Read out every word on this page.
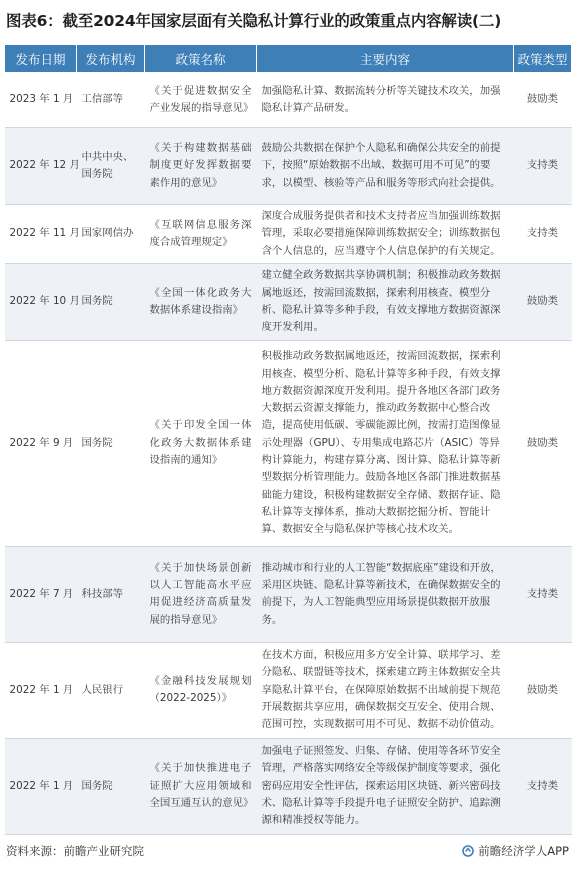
图表6：截至2024年国家层面有关隐私计算行业的政策重点内容解读(二)
发布日期	发布机构	政策名称	主要内容	政策类型
2023 年 1 月	工信部等	《关于促进数据安全产业发展的指导意见》	加强隐私计算、数据流转分析等关键技术攻关，加强隐私计算产品研发。	鼓励类
2022 年 12 月	中共中央、国务院	《关于构建数据基础制度更好发挥数据要素作用的意见》	鼓励公共数据在保护个人隐私和确保公共安全的前提下，按照“原始数据不出域、数据可用不可见”的要求，以模型、核验等产品和服务等形式向社会提供。	支持类
2022 年 11 月	国家网信办	《互联网信息服务深度合成管理规定》	深度合成服务提供者和技术支持者应当加强训练数据管理，采取必要措施保障训练数据安全；训练数据包含个人信息的，应当遵守个人信息保护的有关规定。	支持类
2022 年 10 月	国务院	《全国一体化政务大数据体系建设指南》	建立健全政务数据共享协调机制；积极推动政务数据属地返还，按需回流数据，探索利用核查、模型分析、隐私计算等多种手段，有效支撑地方数据资源深度开发利用。	鼓励类
2022 年 9 月	国务院	《关于印发全国一体化政务大数据体系建设指南的通知》	积极推动政务数据属地返还，按需回流数据，探索利用核查、模型分析、隐私计算等多种手段，有效支撑地方数据资源深度开发利用。提升各地区各部门政务大数据云资源支撑能力，推动政务数据中心整合改造，提高使用低碳、零碳能源比例，按需打造图像显示处理器（GPU）、专用集成电路芯片（ASIC）等异构计算能力，构建存算分离、图计算、隐私计算等新型数据分析管理能力。鼓励各地区各部门推进数据基础能力建设，积极构建数据安全存储、数据存证、隐私计算等支撑体系，推动大数据挖掘分析、智能计算、数据安全与隐私保护等核心技术攻关。	鼓励类
2022 年 7 月	科技部等	《关于加快场景创新以人工智能高水平应用促进经济高质量发展的指导意见》	推动城市和行业的人工智能“数据底座”建设和开放，采用区块链、隐私计算等新技术，在确保数据安全的前提下，为人工智能典型应用场景提供数据开放服务。	支持类
2022 年 1 月	人民银行	《金融科技发展规划（2022-2025）》	在技术方面，积极应用多方安全计算、联邦学习、差分隐私、联盟链等技术，探索建立跨主体数据安全共享隐私计算平台，在保障原始数据不出域前提下规范开展数据共享应用，确保数据交互安全、使用合规、范围可控，实现数据可用不可见、数据不动价值动。	鼓励类
2022 年 1 月	国务院	《关于加快推进电子证照扩大应用领域和全国互通互认的意见》	加强电子证照签发、归集、存储、使用等各环节安全管理，严格落实网络安全等级保护制度等要求，强化密码应用安全性评估，探索运用区块链、新兴密码技术、隐私计算等手段提升电子证照安全防护、追踪溯源和精准授权等能力。	支持类
资料来源：前瞻产业研究院	前瞻经济学人APP
